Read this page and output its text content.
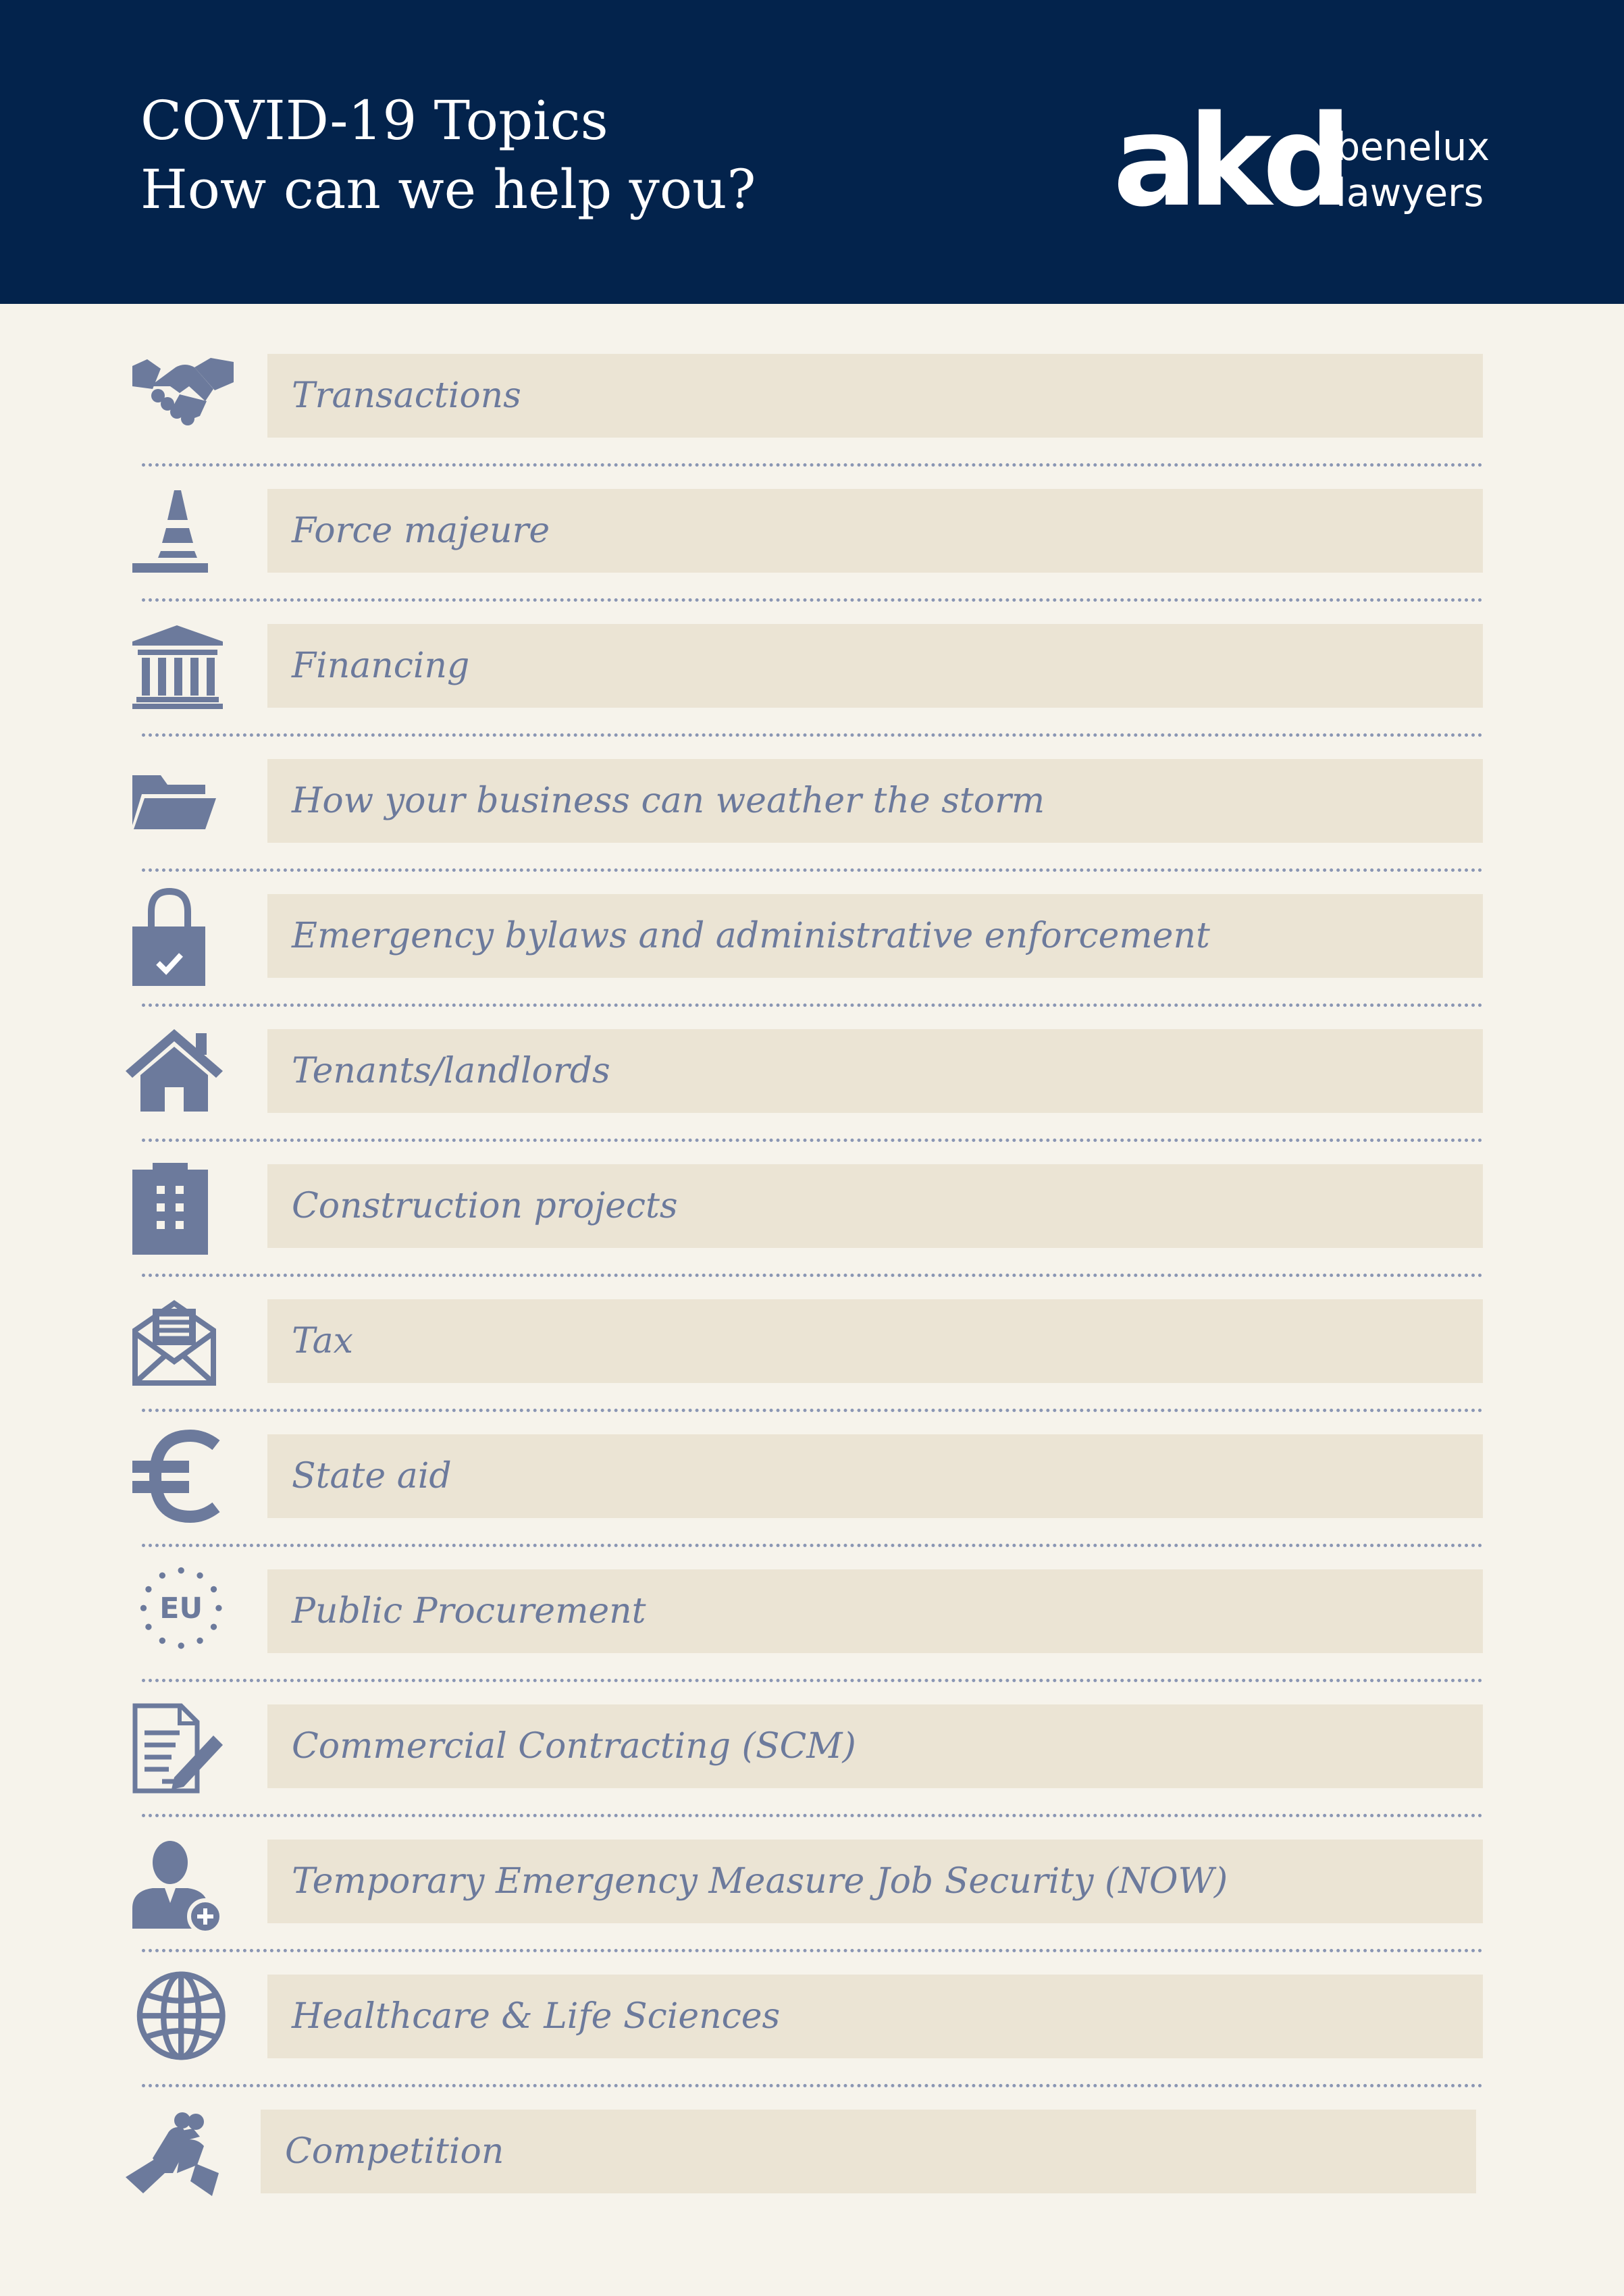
COVID-19 Topics
How can we help you?	akd
benelux
lawyers
Transactions
Force majeure
Financing
How your business can weather the storm
Emergency bylaws and administrative enforcement
Tenants/landlords
Construction projects
Tax
State aid
EU	Public Procurement
Commercial Contracting (SCM)
Temporary Emergency Measure Job Security (NOW)
Healthcare & Life Sciences
Competition
